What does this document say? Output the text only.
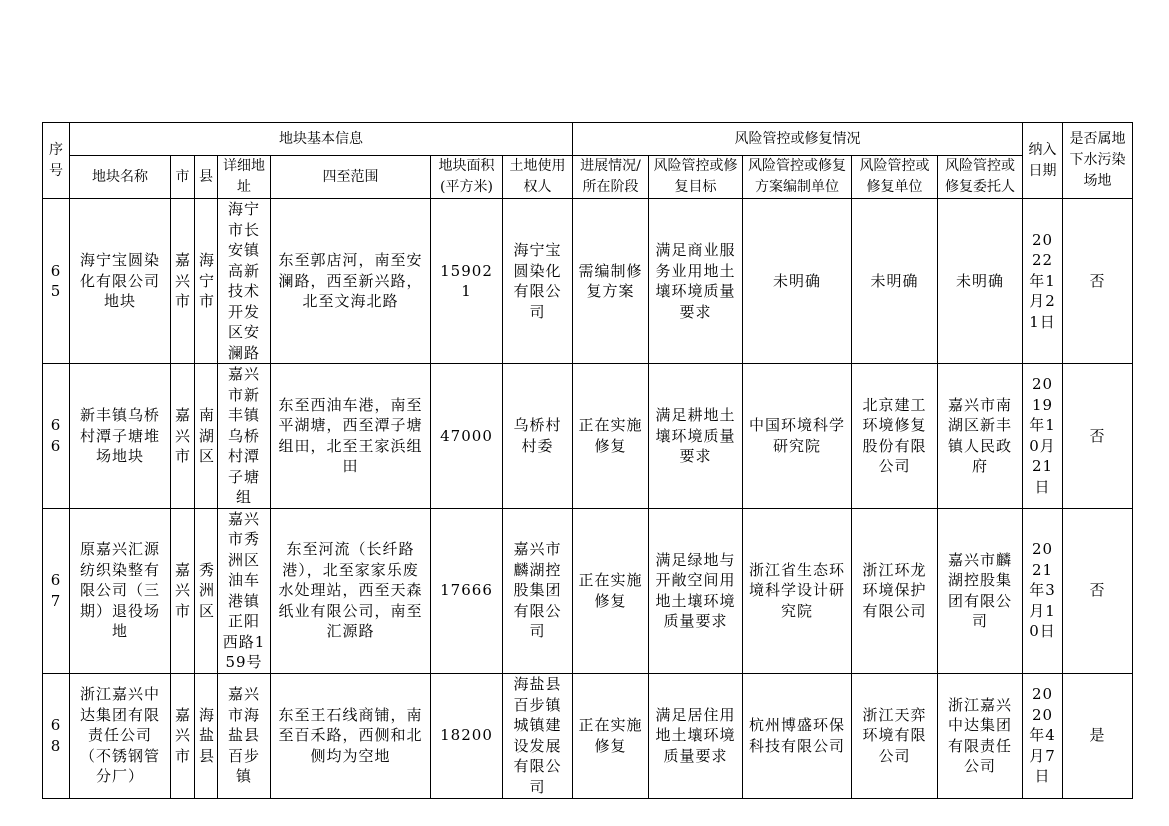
序号	地块基本信息							风险管控或修复情况					纳入日期	是否属地下水污染场地
	地块名称	市	县	详细地址	四至范围	地块面积(平方米)	土地使用权人	进展情况/所在阶段	风险管控或修复目标	风险管控或修复方案编制单位	风险管控或修复单位	风险管控或修复委托人		
65	海宁宝圆染化有限公司地块	嘉兴市	海宁市	海宁市长安镇高新技术开发区安澜路	东至郭店河，南至安澜路，西至新兴路，北至文海北路	159021	海宁宝圆染化有限公司	需编制修复方案	满足商业服务业用地土壤环境质量要求	未明确	未明确	未明确	2022年1月21日	否
66	新丰镇乌桥村潭子塘堆场地块	嘉兴市	南湖区	嘉兴市新丰镇乌桥村潭子塘组	东至西油车港，南至平湖塘，西至潭子塘组田，北至王家浜组田	47000	乌桥村村委	正在实施修复	满足耕地土壤环境质量要求	中国环境科学研究院	北京建工环境修复股份有限公司	嘉兴市南湖区新丰镇人民政府	2019年10月21日	否
67	原嘉兴汇源纺织染整有限公司（三期）退役场地	嘉兴市	秀洲区	嘉兴市秀洲区油车港镇正阳西路159号	东至河流（长纤路港），北至家家乐废水处理站，西至天森纸业有限公司，南至汇源路	17666	嘉兴市麟湖控股集团有限公司	正在实施修复	满足绿地与开敞空间用地土壤环境质量要求	浙江省生态环境科学设计研究院	浙江环龙环境保护有限公司	嘉兴市麟湖控股集团有限公司	2021年3月10日	否
68	浙江嘉兴中达集团有限责任公司（不锈钢管分厂）	嘉兴市	海盐县	嘉兴市海盐县百步镇	东至王石线商铺，南至百禾路，西侧和北侧均为空地	18200	海盐县百步镇城镇建设发展有限公司	正在实施修复	满足居住用地土壤环境质量要求	杭州博盛环保科技有限公司	浙江天弈环境有限公司	浙江嘉兴中达集团有限责任公司	2020年4月7日	是
